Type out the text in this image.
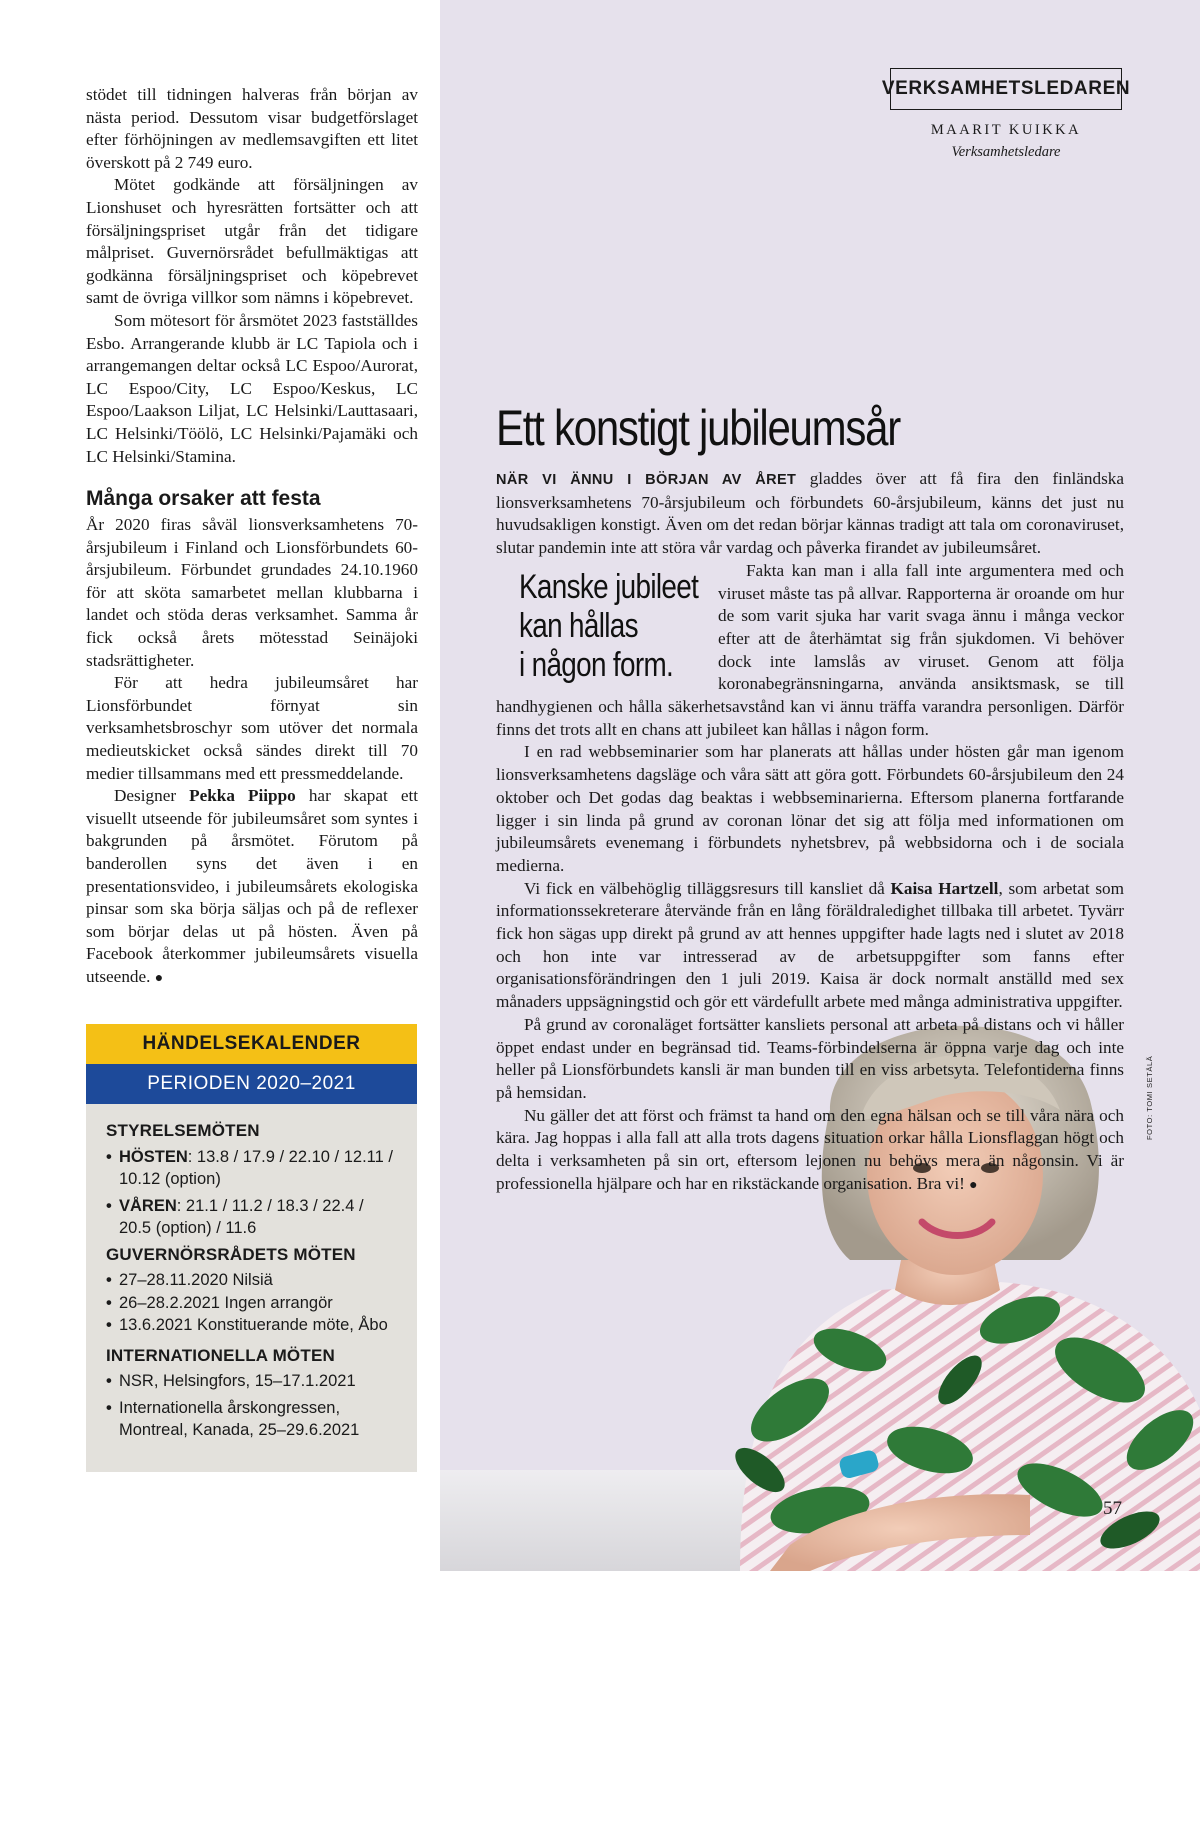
stödet till tidningen halveras från början av nästa period. Dessutom visar budgetförslaget efter förhöjningen av medlemsavgiften ett litet överskott på 2 749 euro.

Mötet godkände att försäljningen av Lionshuset och hyresrätten fortsätter och att försäljningspriset utgår från det tidigare målpriset. Guvernörsrådet befullmäktigas att godkänna försäljningspriset och köpebrevet samt de övriga villkor som nämns i köpebrevet.

Som mötesort för årsmötet 2023 fastställdes Esbo. Arrangerande klubb är LC Tapiola och i arrangemangen deltar också LC Espoo/Aurorat, LC Espoo/City, LC Espoo/Keskus, LC Espoo/Laakson Liljat, LC Helsinki/Lauttasaari, LC Helsinki/Töölö, LC Helsinki/Pajamäki och LC Helsinki/Stamina.

Många orsaker att festa

År 2020 firas såväl lionsverksamhetens 70-årsjubileum i Finland och Lionsförbundets 60-årsjubileum. Förbundet grundades 24.10.1960 för att sköta samarbetet mellan klubbarna i landet och stöda deras verksamhet. Samma år fick också årets mötesstad Seinäjoki stadsrättigheter.

För att hedra jubileumsåret har Lionsförbundet förnyat sin verksamhetsbroschyr som utöver det normala medieutskicket också sändes direkt till 70 medier tillsammans med ett pressmeddelande.

Designer Pekka Piippo har skapat ett visuellt utseende för jubileumsåret som syntes i bakgrunden på årsmötet. Förutom på banderollen syns det även i en presentationsvideo, i jubileumsårets ekologiska pinsar som ska börja säljas och på de reflexer som börjar delas ut på hösten. Även på Facebook återkommer jubileumsårets visuella utseende. ●

HÄNDELSEKALENDER
PERIODEN 2020–2021
STYRELSEMÖTEN
• HÖSTEN: 13.8 / 17.9 / 22.10 / 12.11 / 10.12 (option)
• VÅREN: 21.1 / 11.2 / 18.3 / 22.4 / 20.5 (option) / 11.6
GUVERNÖRSRÅDETS MÖTEN
• 27–28.11.2020 Nilsiä
• 26–28.2.2021 Ingen arrangör
• 13.6.2021 Konstituerande möte, Åbo
INTERNATIONELLA MÖTEN
• NSR, Helsingfors, 15–17.1.2021
• Internationella årskongressen, Montreal, Kanada, 25–29.6.2021
VERKSAMHETSLEDAREN
MAARIT KUIKKA
Verksamhetsledare
Ett konstigt jubileumsår

NÄR VI ÄNNU I BÖRJAN AV ÅRET gladdes över att få fira den finländska lionsverksamhetens 70-årsjubileum och förbundets 60-årsjubileum, känns det just nu huvudsakligen konstigt. Även om det redan börjar kännas tradigt att tala om coronaviruset, slutar pandemin inte att störa vår vardag och påverka firandet av jubileumsåret.

Kanske jubileet
kan hållas
i någon form.
Fakta kan man i alla fall inte argumentera med och viruset måste tas på allvar. Rapporterna är oroande om hur de som varit sjuka har varit svaga ännu i många veckor efter att de återhämtat sig från sjukdomen. Vi behöver dock inte lamslås av viruset. Genom att följa koronabegränsningarna, använda ansiktsmask, se till handhygienen och hålla säkerhetsavstånd kan vi ännu träffa varandra personligen. Därför finns det trots allt en chans att jubileet kan hållas i någon form.

I en rad webbseminarier som har planerats att hållas under hösten går man igenom lionsverksamhetens dagsläge och våra sätt att göra gott. Förbundets 60-årsjubileum den 24 oktober och Det godas dag beaktas i webbseminarierna. Eftersom planerna fortfarande ligger i sin linda på grund av coronan lönar det sig att följa med informationen om jubileumsårets evenemang i förbundets nyhetsbrev, på webbsidorna och i de sociala medierna.

Vi fick en välbehöglig tilläggsresurs till kansliet då Kaisa Hartzell, som arbetat som informationssekreterare återvände från en lång föräldraledighet tillbaka till arbetet. Tyvärr fick hon sägas upp direkt på grund av att hennes uppgifter hade lagts ned i slutet av 2018 och hon inte var intresserad av de arbetsuppgifter som fanns efter organisationsförändringen den 1 juli 2019. Kaisa är dock normalt anställd med sex månaders uppsägningstid och gör ett värdefullt arbete med många administrativa uppgifter.

På grund av coronaläget fortsätter kansliets personal att arbeta på distans och vi håller öppet endast under en begränsad tid. Teams-förbindelserna är öppna varje dag och inte heller på Lionsförbundets kansli är man bunden till en viss arbetsyta. Telefontiderna finns på hemsidan.

Nu gäller det att först och främst ta hand om den egna hälsan och se till våra nära och kära. Jag hoppas i alla fall att alla trots dagens situation orkar hålla Lionsflaggan högt och delta i verksamheten på sin ort, eftersom lejonen nu behövs mera än någonsin. Vi är professionella hjälpare och har en rikstäckande organisation. Bra vi! ●

FOTO: TOMI SETÄLÄ
57
